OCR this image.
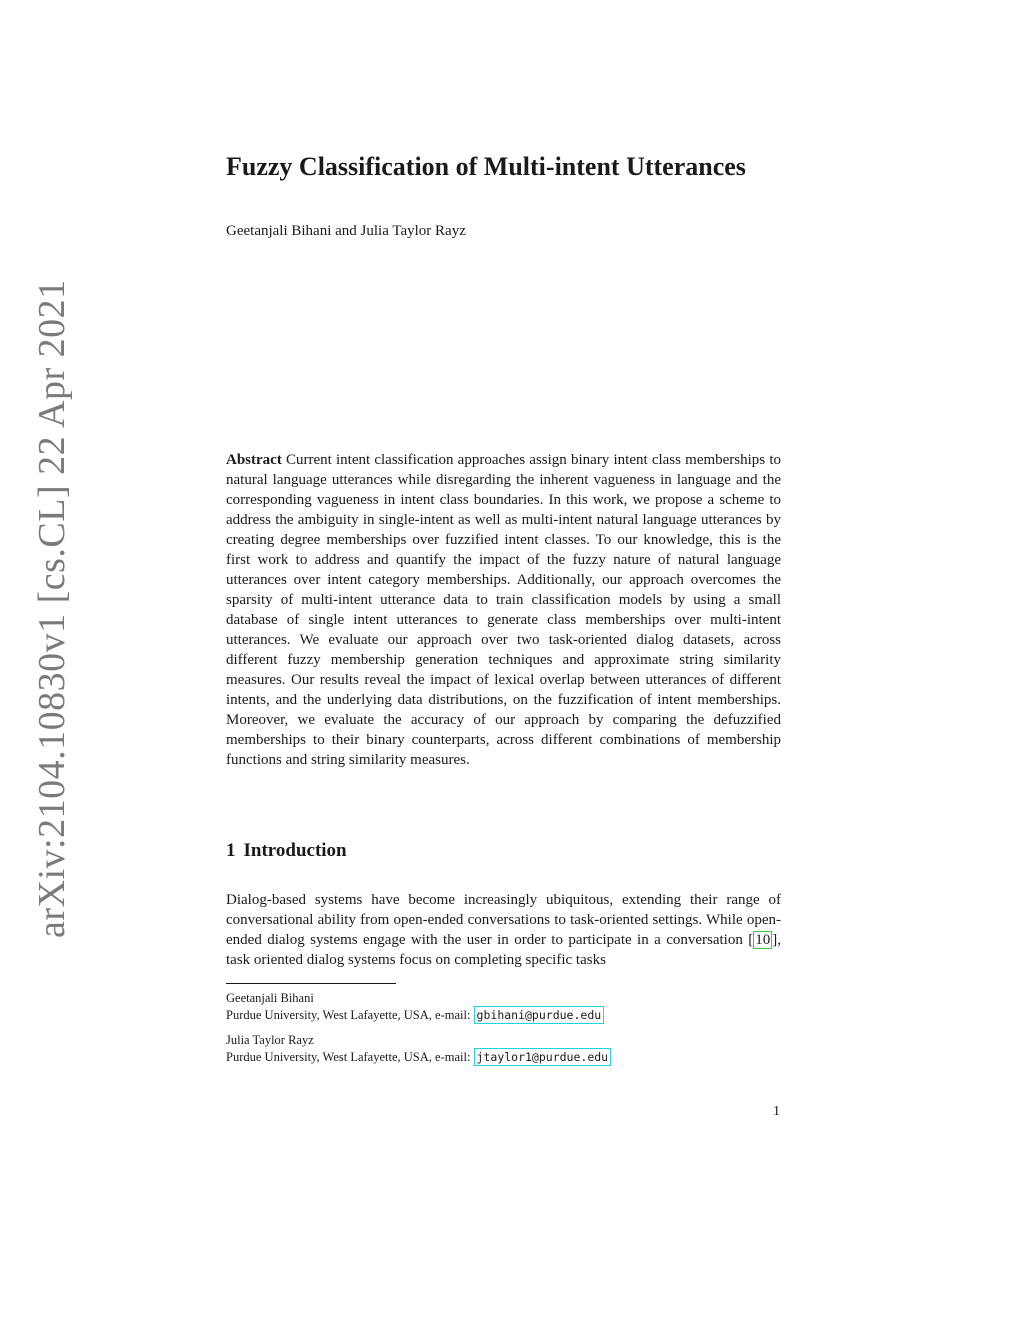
arXiv:2104.10830v1 [cs.CL] 22 Apr 2021
Fuzzy Classification of Multi-intent Utterances
Geetanjali Bihani and Julia Taylor Rayz

Abstract Current intent classification approaches assign binary intent class memberships to natural language utterances while disregarding the inherent vagueness in language and the corresponding vagueness in intent class boundaries. In this work, we propose a scheme to address the ambiguity in single-intent as well as multi-intent natural language utterances by creating degree memberships over fuzzified intent classes. To our knowledge, this is the first work to address and quantify the impact of the fuzzy nature of natural language utterances over intent category memberships. Additionally, our approach overcomes the sparsity of multi-intent utterance data to train classification models by using a small database of single intent utterances to generate class memberships over multi-intent utterances. We evaluate our approach over two task-oriented dialog datasets, across different fuzzy membership generation techniques and approximate string similarity measures. Our results reveal the impact of lexical overlap between utterances of different intents, and the underlying data distributions, on the fuzzification of intent memberships. Moreover, we evaluate the accuracy of our approach by comparing the defuzzified memberships to their binary counterparts, across different combinations of membership functions and string similarity measures.

1 Introduction

Dialog-based systems have become increasingly ubiquitous, extending their range of conversational ability from open-ended conversations to task-oriented settings. While open-ended dialog systems engage with the user in order to participate in a conversation [ 10 ], task oriented dialog systems focus on completing specific tasks

Geetanjali Bihani
Purdue University, West Lafayette, USA, e-mail: gbihani@purdue.edu
Julia Taylor Rayz
Purdue University, West Lafayette, USA, e-mail: jtaylor1@purdue.edu
1
